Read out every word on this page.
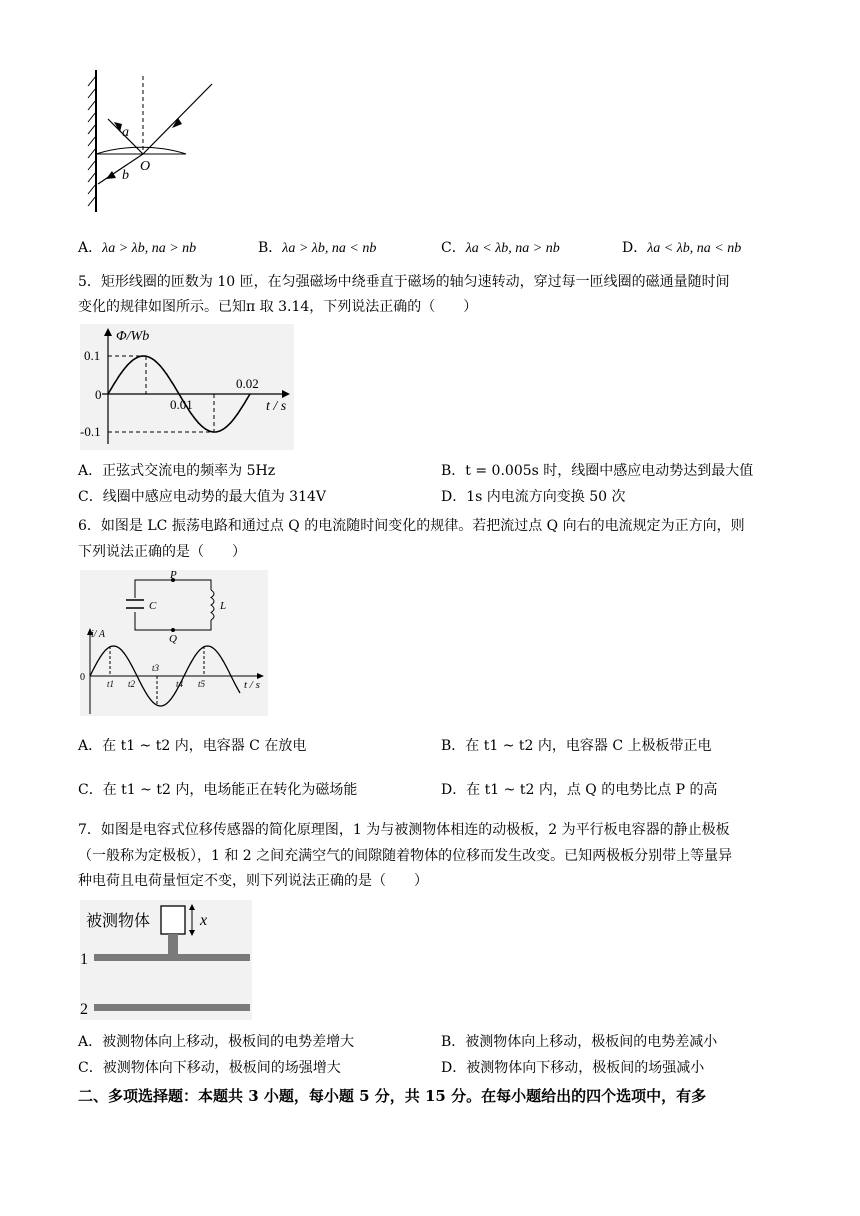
a
b
O
A．λa > λb, na > nb	B．λa > λb, na < nb	C．λa < λb, na > nb	D．λa < λb, na < nb
5．矩形线圈的匝数为 10 匝，在匀强磁场中绕垂直于磁场的轴匀速转动，穿过每一匝线圈的磁通量随时间
变化的规律如图所示。已知π 取 3.14，下列说法正确的（　　）
Φ/Wb
0.1
0
-0.1
0.01
0.02
t / s
A．正弦式交流电的频率为 5Hz	B．t = 0.005s 时，线圈中感应电动势达到最大值
C．线圈中感应电动势的最大值为 314V	D．1s 内电流方向变换 50 次
6．如图是 LC 振荡电路和通过点 Q 的电流随时间变化的规律。若把流过点 Q 向右的电流规定为正方向，则
下列说法正确的是（　　）
P
Q
C	L
i/ A
0
t1 t2
t3
t4 t5	t / s
A．在 t1 ~ t2 内，电容器 C 在放电	B．在 t1 ~ t2 内，电容器 C 上极板带正电
C．在 t1 ~ t2 内，电场能正在转化为磁场能	D．在 t1 ~ t2 内，点 Q 的电势比点 P 的高
7．如图是电容式位移传感器的简化原理图，1 为与被测物体相连的动极板，2 为平行板电容器的静止极板
（一般称为定极板），1 和 2 之间充满空气的间隙随着物体的位移而发生改变。已知两极板分别带上等量异
种电荷且电荷量恒定不变，则下列说法正确的是（　　）
被测物体	x
1
2
A．被测物体向上移动，极板间的电势差增大	B．被测物体向上移动，极板间的电势差减小
C．被测物体向下移动，极板间的场强增大	D．被测物体向下移动，极板间的场强减小
二、多项选择题：本题共 3 小题，每小题 5 分，共 15 分。在每小题给出的四个选项中，有多
